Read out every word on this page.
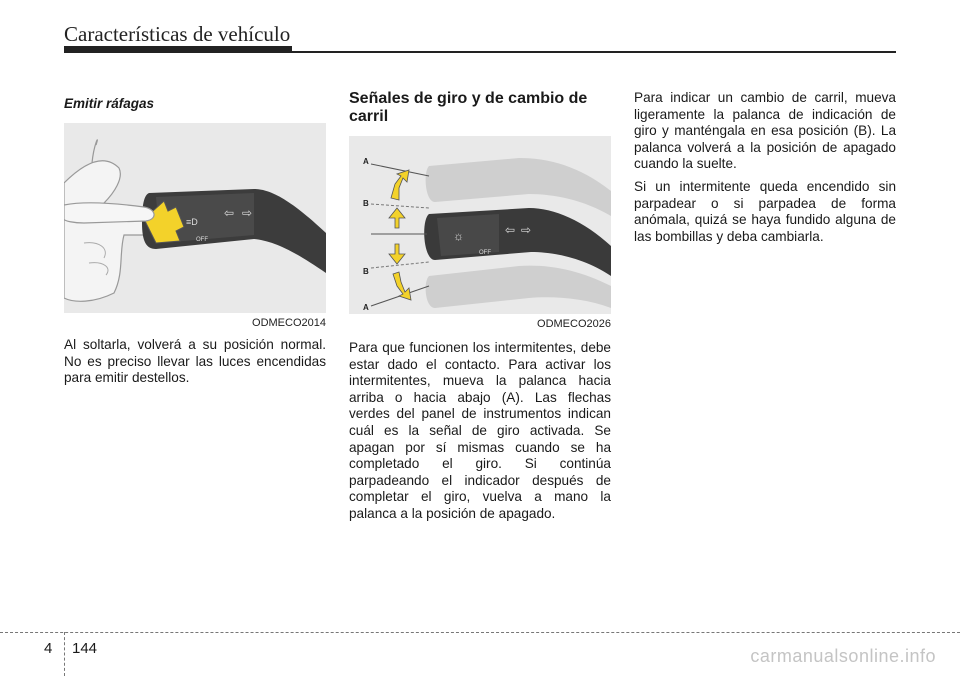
Características de vehículo
Emitir ráfagas
≡D
⇦ ⇨
OFF
ODMECO2014

Al soltarla, volverá a su posición normal. No es preciso llevar las luces encendidas para emitir destellos.

Señales de giro y de cambio de carril
☼	⇦ ⇨
OFF
A
B
B
A
ODMECO2026

Para que funcionen los intermitentes, debe estar dado el contacto. Para activar los intermitentes, mueva la palanca hacia arriba o hacia abajo (A). Las flechas verdes del panel de instrumentos indican cuál es la señal de giro activada. Se apagan por sí mismas cuando se ha completado el giro. Si continúa parpadeando el indicador después de completar el giro, vuelva a mano la palanca a la posición de apagado.

Para indicar un cambio de carril, mueva ligeramente la palanca de indicación de giro y manténgala en esa posición (B). La palanca volverá a la posición de apagado cuando la suelte.

Si un intermitente queda encendido sin parpadear o si parpadea de forma anómala, quizá se haya fundido alguna de las bombillas y deba cambiarla.

4 144	carmanualsonline.info
